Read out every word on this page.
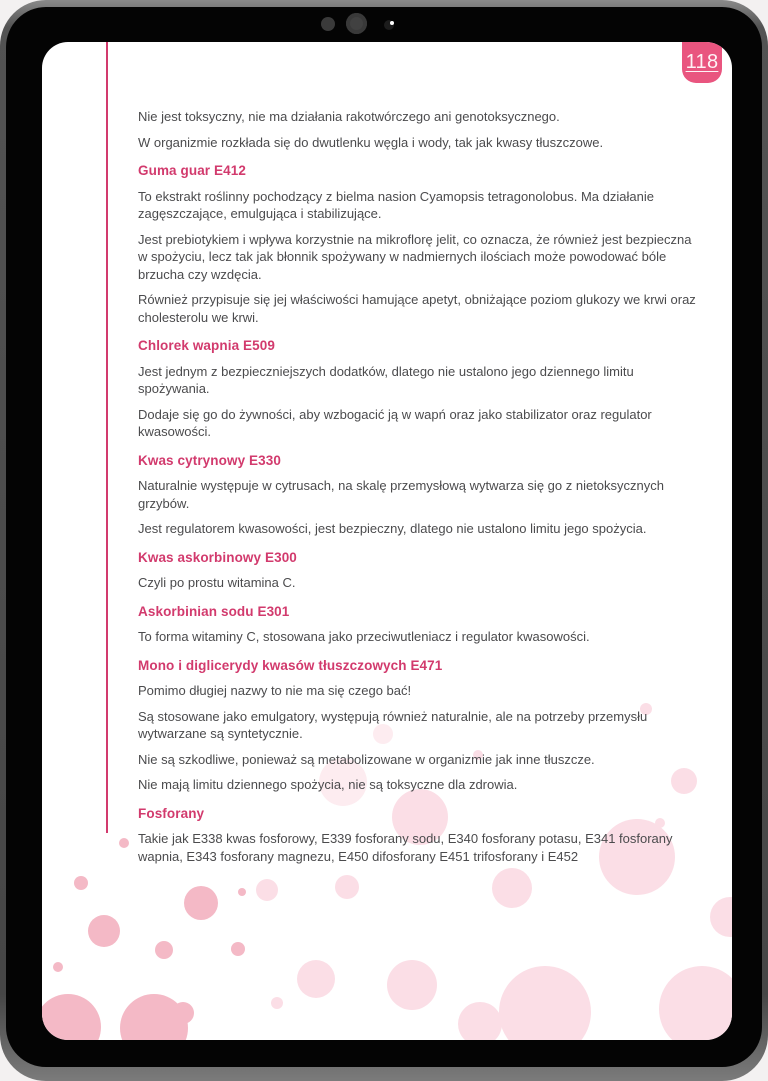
118

Nie jest toksyczny, nie ma działania rakotwórczego ani genotoksycznego.

W organizmie rozkłada się do dwutlenku węgla i wody, tak jak kwasy tłuszczowe.

Guma guar E412

To ekstrakt roślinny pochodzący z bielma nasion Cyamopsis tetragonolobus. Ma działanie zagęszczające, emulgująca i stabilizujące.

Jest prebiotykiem i wpływa korzystnie na mikroflorę jelit, co oznacza, że również jest bezpieczna w spożyciu, lecz tak jak błonnik spożywany w nadmiernych ilościach może powodować bóle brzucha czy wzdęcia.

Również przypisuje się jej właściwości hamujące apetyt, obniżające poziom glukozy we krwi oraz cholesterolu we krwi.

Chlorek wapnia E509

Jest jednym z bezpieczniejszych dodatków, dlatego nie ustalono jego dziennego limitu spożywania.

Dodaje się go do żywności, aby wzbogacić ją w wapń oraz jako stabilizator oraz regulator kwasowości.

Kwas cytrynowy E330

Naturalnie występuje w cytrusach, na skalę przemysłową wytwarza się go z nietoksycznych grzybów.

Jest regulatorem kwasowości, jest bezpieczny, dlatego nie ustalono limitu jego spożycia.

Kwas askorbinowy E300

Czyli po prostu witamina C.

Askorbinian sodu E301

To forma witaminy C, stosowana jako przeciwutleniacz i regulator kwasowości.

Mono i diglicerydy kwasów tłuszczowych E471

Pomimo długiej nazwy to nie ma się czego bać!

Są stosowane jako emulgatory, występują również naturalnie, ale na potrzeby przemysłu wytwarzane są syntetycznie.

Nie są szkodliwe, ponieważ są metabolizowane w organizmie jak inne tłuszcze.

Nie mają limitu dziennego spożycia, nie są toksyczne dla zdrowia.

Fosforany

Takie jak E338 kwas fosforowy, E339 fosforany sodu, E340 fosforany potasu, E341 fosforany wapnia, E343 fosforany magnezu, E450 difosforany E451 trifosforany i E452
